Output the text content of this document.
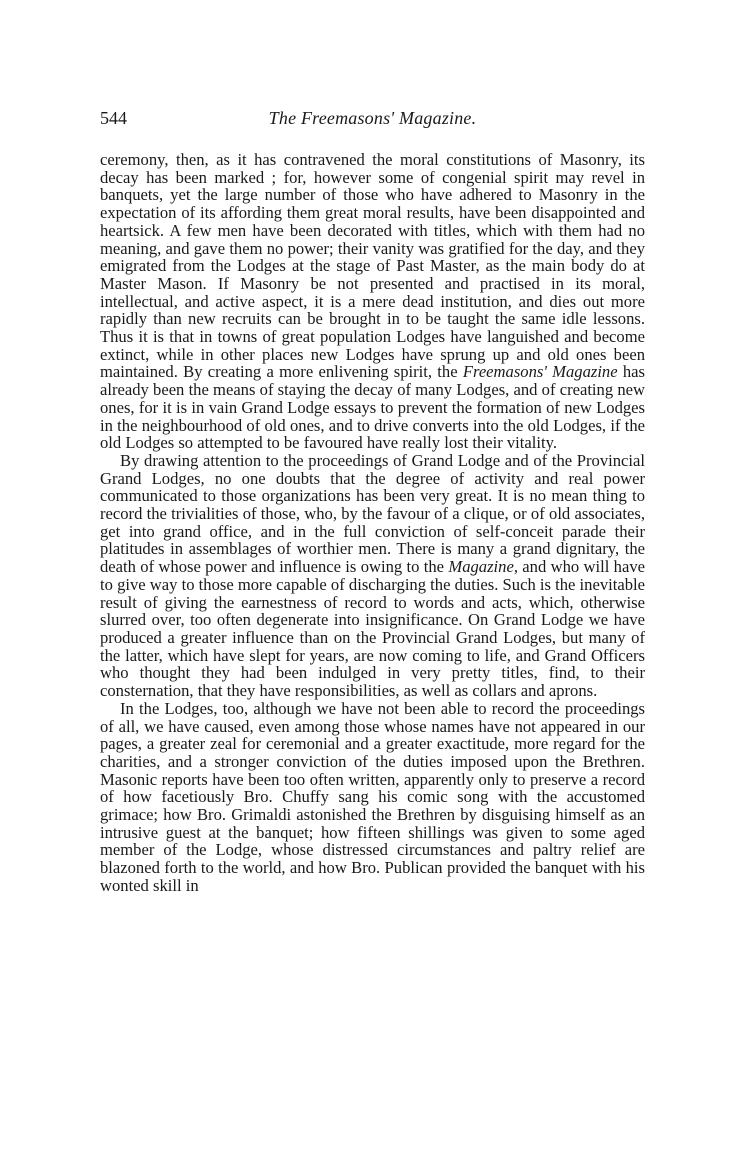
544	The Freemasons' Magazine.

ceremony, then, as it has contravened the moral constitutions of Masonry, its decay has been marked ; for, however some of congenial spirit may revel in banquets, yet the large number of those who have adhered to Masonry in the expectation of its affording them great moral results, have been disappointed and heartsick. A few men have been decorated with titles, which with them had no meaning, and gave them no power; their vanity was gratified for the day, and they emigrated from the Lodges at the stage of Past Master, as the main body do at Master Mason. If Masonry be not presented and practised in its moral, intellectual, and active aspect, it is a mere dead institution, and dies out more rapidly than new recruits can be brought in to be taught the same idle lessons. Thus it is that in towns of great population Lodges have languished and become extinct, while in other places new Lodges have sprung up and old ones been maintained. By creating a more enlivening spirit, the Freemasons' Magazine has already been the means of staying the decay of many Lodges, and of creating new ones, for it is in vain Grand Lodge essays to prevent the formation of new Lodges in the neighbourhood of old ones, and to drive converts into the old Lodges, if the old Lodges so attempted to be favoured have really lost their vitality.

By drawing attention to the proceedings of Grand Lodge and of the Provincial Grand Lodges, no one doubts that the degree of activity and real power communicated to those organizations has been very great. It is no mean thing to record the trivialities of those, who, by the favour of a clique, or of old associates, get into grand office, and in the full conviction of self-conceit parade their platitudes in assemblages of worthier men. There is many a grand dignitary, the death of whose power and influence is owing to the Magazine, and who will have to give way to those more capable of discharging the duties. Such is the inevitable result of giving the earnestness of record to words and acts, which, otherwise slurred over, too often degenerate into insignificance. On Grand Lodge we have produced a greater influence than on the Provincial Grand Lodges, but many of the latter, which have slept for years, are now coming to life, and Grand Officers who thought they had been indulged in very pretty titles, find, to their consternation, that they have responsibilities, as well as collars and aprons.

In the Lodges, too, although we have not been able to record the proceedings of all, we have caused, even among those whose names have not appeared in our pages, a greater zeal for ceremonial and a greater exactitude, more regard for the charities, and a stronger conviction of the duties imposed upon the Brethren. Masonic reports have been too often written, apparently only to preserve a record of how facetiously Bro. Chuffy sang his comic song with the accustomed grimace; how Bro. Grimaldi astonished the Brethren by disguising himself as an intrusive guest at the banquet; how fifteen shillings was given to some aged member of the Lodge, whose distressed circumstances and paltry relief are blazoned forth to the world, and how Bro. Publican provided the banquet with his wonted skill in
